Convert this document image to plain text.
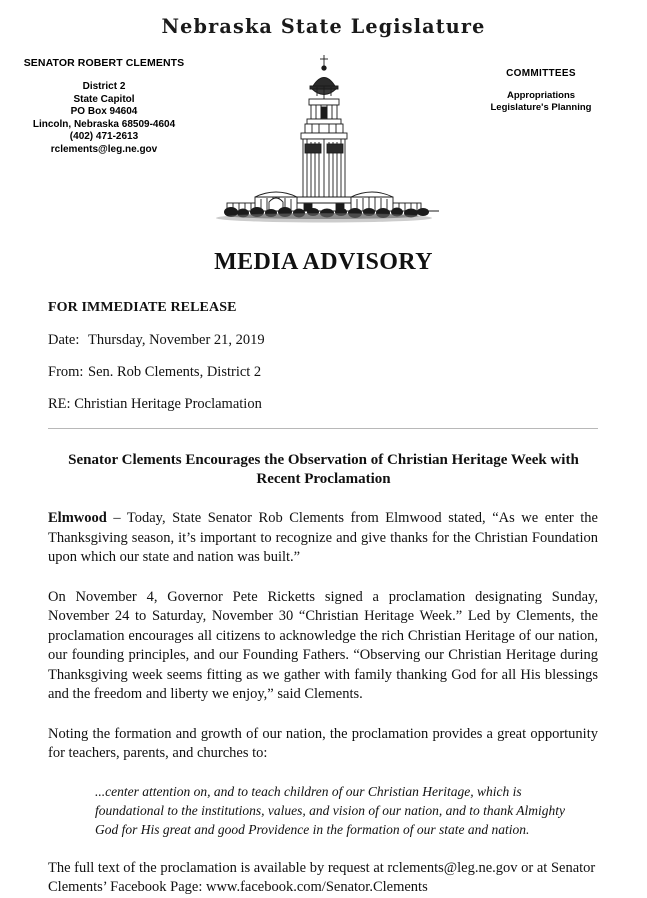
Nebraska State Legislature
SENATOR ROBERT CLEMENTS
District 2
State Capitol
PO Box 94604
Lincoln, Nebraska 68509-4604
(402) 471-2613
rclements@leg.ne.gov
COMMITTEES
Appropriations
Legislature's Planning
MEDIA ADVISORY
FOR IMMEDIATE RELEASE
Date: Thursday, November 21, 2019
From: Sen. Rob Clements, District 2
RE: Christian Heritage Proclamation
Senator Clements Encourages the Observation of Christian Heritage Week with Recent Proclamation
Elmwood – Today, State Senator Rob Clements from Elmwood stated, “As we enter the Thanksgiving season, it’s important to recognize and give thanks for the Christian Foundation upon which our state and nation was built.”
On November 4, Governor Pete Ricketts signed a proclamation designating Sunday, November 24 to Saturday, November 30 “Christian Heritage Week.” Led by Clements, the proclamation encourages all citizens to acknowledge the rich Christian Heritage of our nation, our founding principles, and our Founding Fathers. “Observing our Christian Heritage during Thanksgiving week seems fitting as we gather with family thanking God for all His blessings and the freedom and liberty we enjoy,” said Clements.
Noting the formation and growth of our nation, the proclamation provides a great opportunity for teachers, parents, and churches to:
...center attention on, and to teach children of our Christian Heritage, which is foundational to the institutions, values, and vision of our nation, and to thank Almighty God for His great and good Providence in the formation of our state and nation.
The full text of the proclamation is available by request at rclements@leg.ne.gov or at Senator Clements’ Facebook Page: www.facebook.com/Senator.Clements
